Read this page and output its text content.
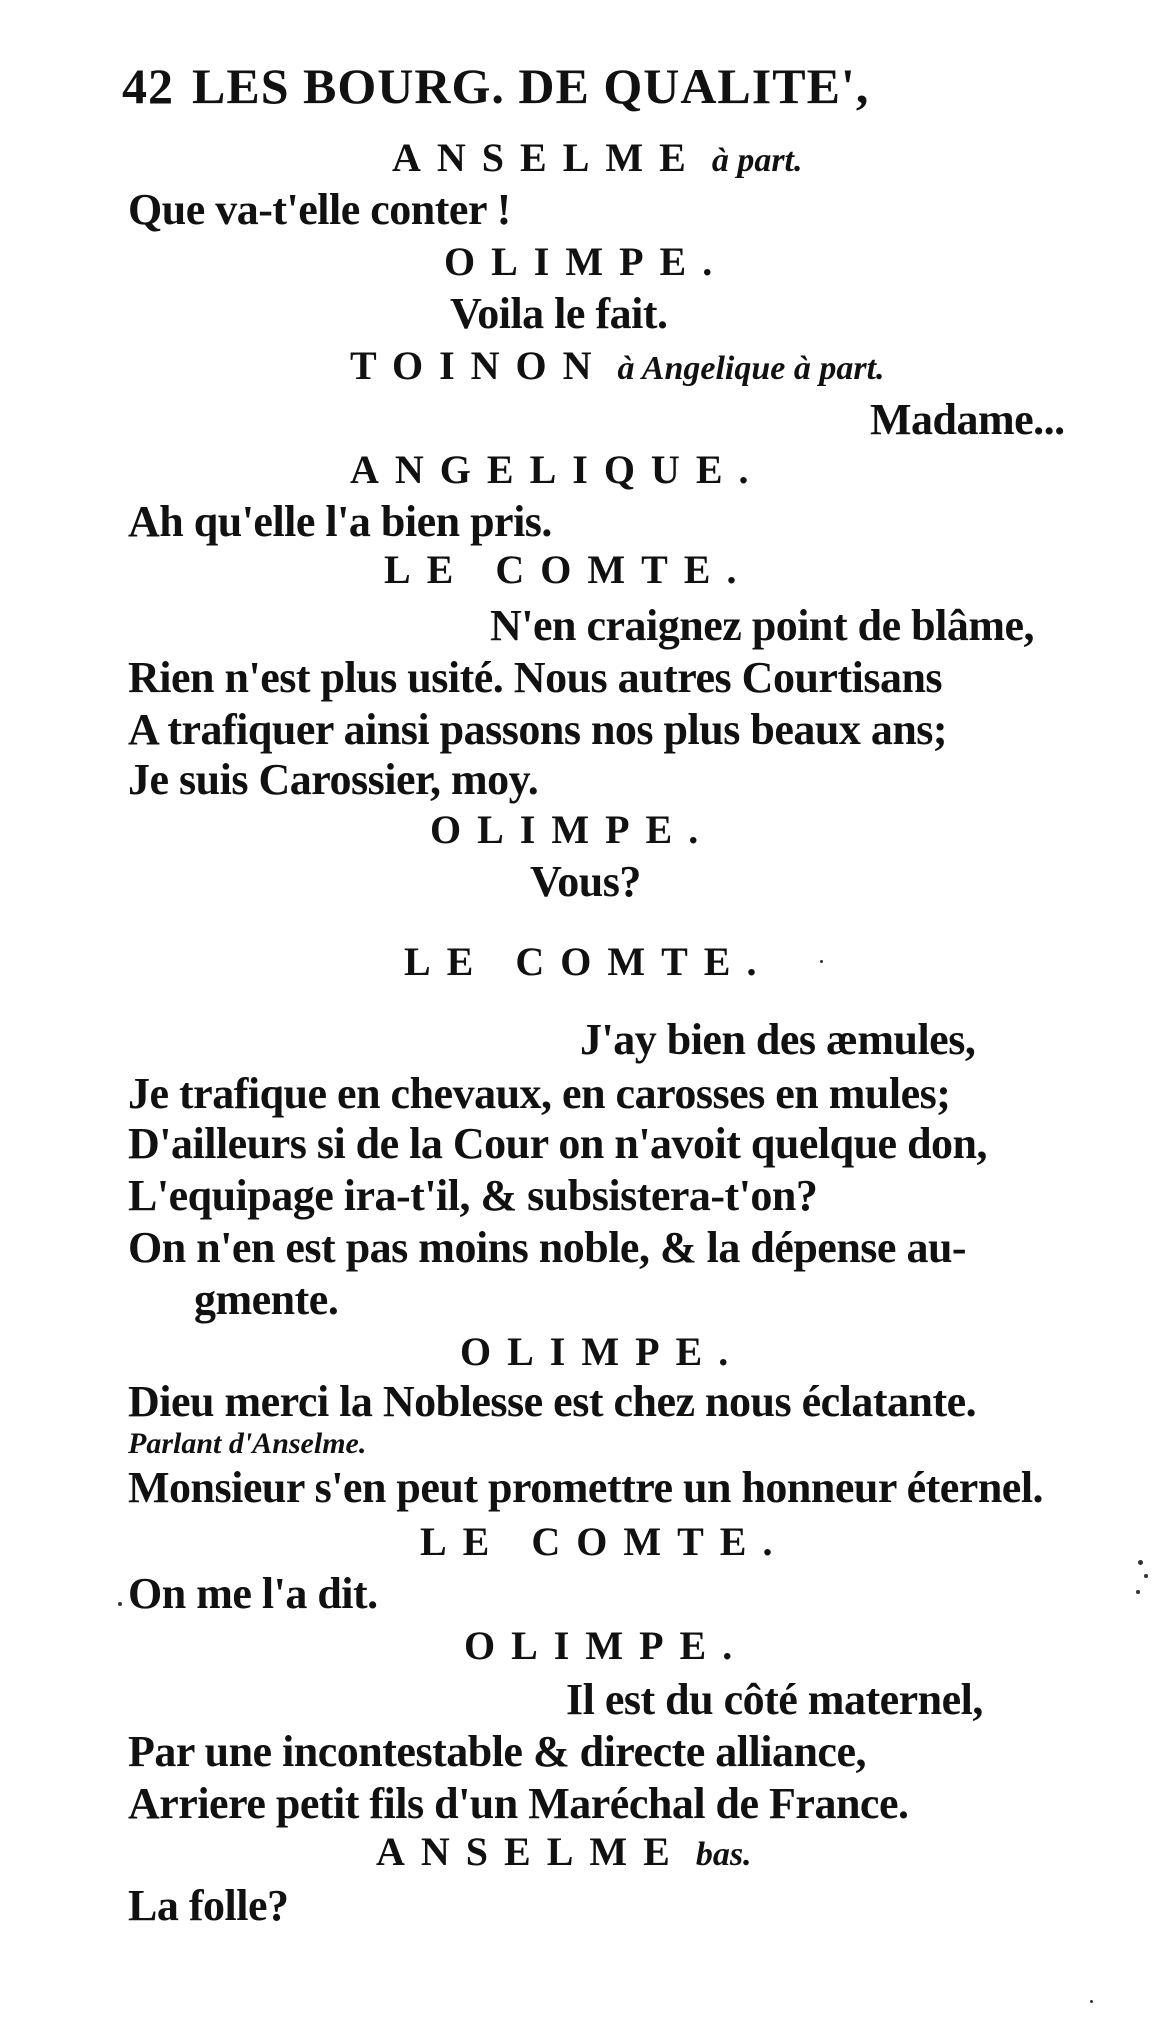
42 LES BOURG. DE QUALITE',
ANSELME à part.
Que va-t'elle conter !
OLIMPE.
Voila le fait.
TOINON à Angelique à part.
Madame...
ANGELIQUE.
Ah qu'elle l'a bien pris.
LE COMTE.
N'en craignez point de blâme,
Rien n'est plus usité. Nous autres Courtisans
A trafiquer ainsi passons nos plus beaux ans;
Je suis Carossier, moy.
OLIMPE.
Vous?
LE COMTE.
J'ay bien des æmules,
Je trafique en chevaux, en carosses en mules;
D'ailleurs si de la Cour on n'avoit quelque don,
L'equipage ira-t'il, & subsistera-t'on?
On n'en est pas moins noble, & la dépense au-
gmente.
OLIMPE.
Dieu merci la Noblesse est chez nous éclatante.
Parlant d'Anselme.
Monsieur s'en peut promettre un honneur éternel.
LE COMTE.
On me l'a dit.
OLIMPE.
Il est du côté maternel,
Par une incontestable & directe alliance,
Arriere petit fils d'un Maréchal de France.
ANSELME bas.
La folle?
